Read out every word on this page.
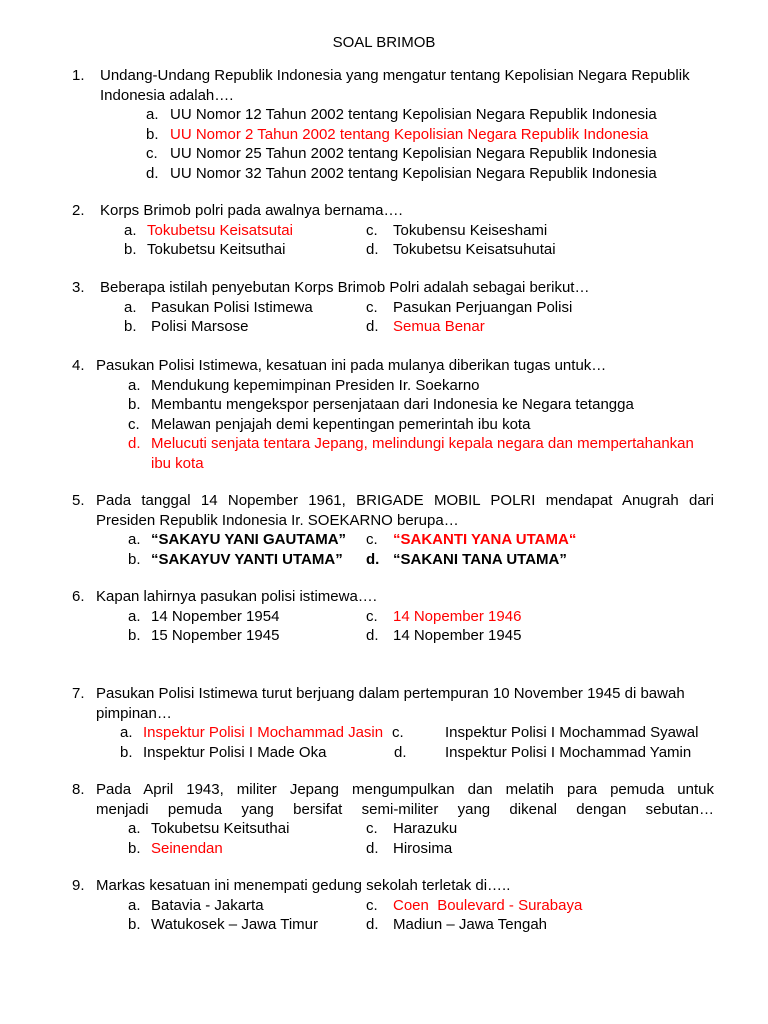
SOAL BRIMOB
1. Undang-Undang Republik Indonesia yang mengatur tentang Kepolisian Negara Republik Indonesia adalah….
a. UU Nomor 12 Tahun 2002 tentang Kepolisian Negara Republik Indonesia
b. UU Nomor 2 Tahun 2002 tentang Kepolisian Negara Republik Indonesia
c. UU Nomor 25 Tahun 2002 tentang Kepolisian Negara Republik Indonesia
d. UU Nomor 32 Tahun 2002 tentang Kepolisian Negara Republik Indonesia
2. Korps Brimob polri pada awalnya bernama….
a. Tokubetsu Keisatsutai	c. Tokubensu Keiseshami
b. Tokubetsu Keitsuthai	d. Tokubetsu Keisatsuhutai
3. Beberapa istilah penyebutan Korps Brimob Polri adalah sebagai berikut…
a. Pasukan Polisi Istimewa	c. Pasukan Perjuangan Polisi
b. Polisi Marsose	d. Semua Benar
4. Pasukan Polisi Istimewa, kesatuan ini pada mulanya diberikan tugas untuk…
a. Mendukung kepemimpinan Presiden Ir. Soekarno
b. Membantu mengekspor persenjataan dari Indonesia ke Negara tetangga
c. Melawan penjajah demi kepentingan pemerintah ibu kota
d. Melucuti senjata tentara Jepang, melindungi kepala negara dan mempertahankan ibu kota
5. Pada tanggal 14 Nopember 1961, BRIGADE MOBIL POLRI mendapat Anugrah dari
Presiden Republik Indonesia Ir. SOEKARNO berupa…
a. “SAKAYU YANI GAUTAMA” c. “SAKANTI YANA UTAMA“
b. “SAKAYUV YANTI UTAMA” d. “SAKANI TANA UTAMA”
6. Kapan lahirnya pasukan polisi istimewa….
a. 14 Nopember 1954	c. 14 Nopember 1946
b. 15 Nopember 1945	d. 14 Nopember 1945
7. Pasukan Polisi Istimewa turut berjuang dalam pertempuran 10 November 1945 di bawah pimpinan…
a. Inspektur Polisi I Mochammad Jasin c.	Inspektur Polisi I Mochammad Syawal
b. Inspektur Polisi I Made Oka	d.	Inspektur Polisi I Mochammad Yamin
8. Pada April 1943, militer Jepang mengumpulkan dan melatih para pemuda untuk
menjadi pemuda yang bersifat semi-militer yang dikenal dengan sebutan…
a. Tokubetsu Keitsuthai	c. Harazuku
b. Seinendan	d. Hirosima
9. Markas kesatuan ini menempati gedung sekolah terletak di…..
a. Batavia - Jakarta	c. Coen  Boulevard - Surabaya
b. Watukosek – Jawa Timur	d. Madiun – Jawa Tengah
